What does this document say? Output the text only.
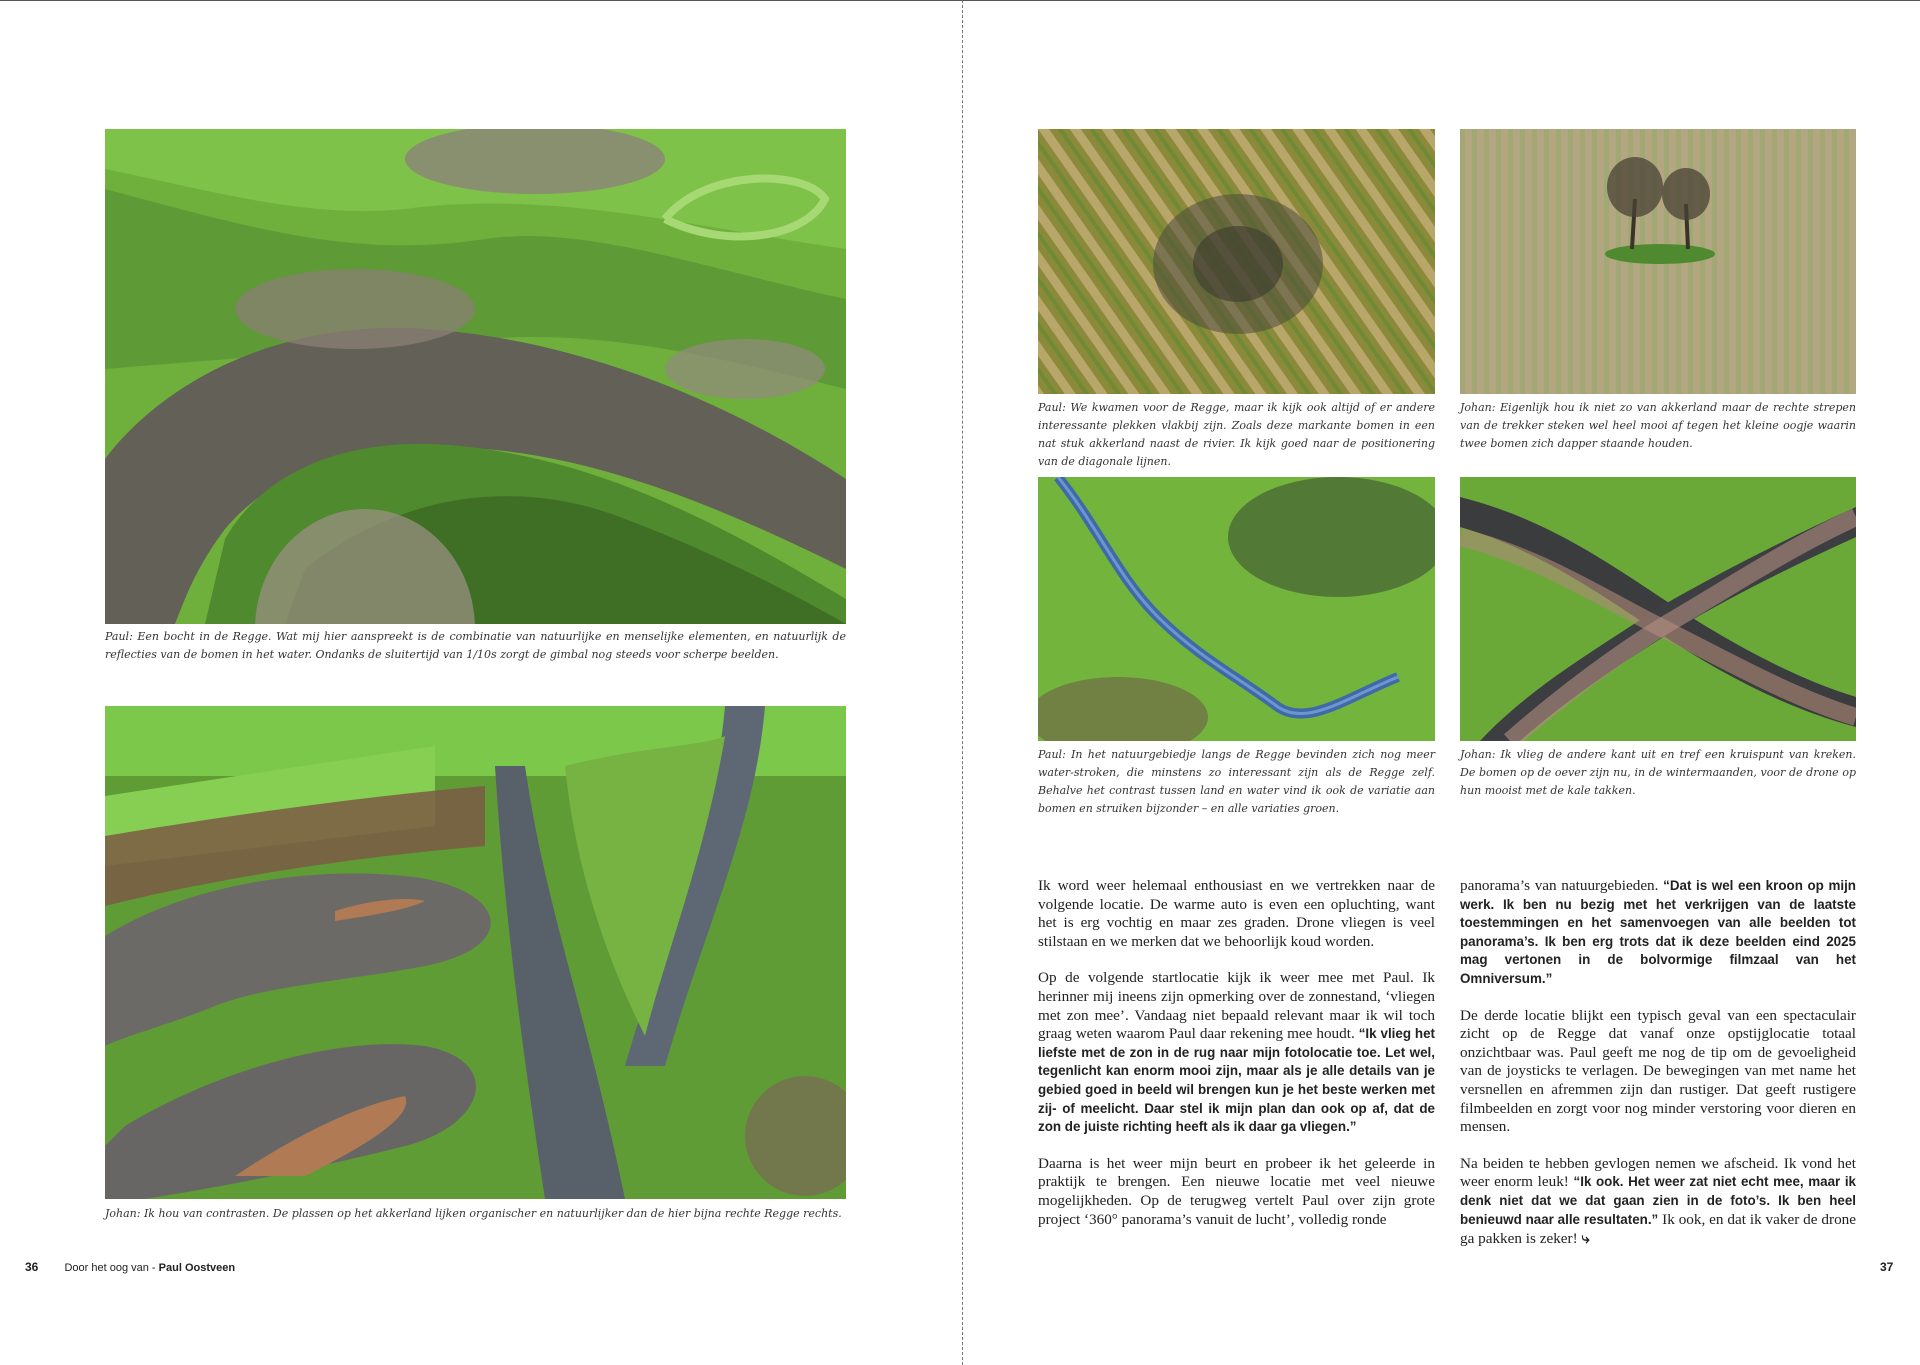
Paul: Een bocht in de Regge. Wat mij hier aanspreekt is de combinatie van natuurlijke en menselijke elementen, en natuurlijk de reflecties van de bomen in het water. Ondanks de sluitertijd van 1/10s zorgt de gimbal nog steeds voor scherpe beelden.

Johan: Ik hou van contrasten. De plassen op het akkerland lijken organischer en natuurlijker dan de hier bijna rechte Regge rechts.

Paul: We kwamen voor de Regge, maar ik kijk ook altijd of er andere interessante plekken vlakbij zijn. Zoals deze markante bomen in een nat stuk akkerland naast de rivier. Ik kijk goed naar de positionering van de diagonale lijnen.

Johan: Eigenlijk hou ik niet zo van akkerland maar de rechte strepen van de trekker steken wel heel mooi af tegen het kleine oogje waarin twee bomen zich dapper staande houden.

Paul: In het natuurgebiedje langs de Regge bevinden zich nog meer water-stroken, die minstens zo interessant zijn als de Regge zelf. Behalve het contrast tussen land en water vind ik ook de variatie aan bomen en struiken bijzonder – en alle variaties groen.

Johan: Ik vlieg de andere kant uit en tref een kruispunt van kreken. De bomen op de oever zijn nu, in de wintermaanden, voor de drone op hun mooist met de kale takken.

Ik word weer helemaal enthousiast en we vertrekken naar de volgende locatie. De warme auto is even een opluchting, want het is erg vochtig en maar zes graden. Drone vliegen is veel stilstaan en we merken dat we behoorlijk koud worden.

Op de volgende startlocatie kijk ik weer mee met Paul. Ik herinner mij ineens zijn opmerking over de zonnestand, ‘vliegen met zon mee’. Vandaag niet bepaald relevant maar ik wil toch graag weten waarom Paul daar rekening mee houdt. “Ik vlieg het liefste met de zon in de rug naar mijn fotolocatie toe. Let wel, tegenlicht kan enorm mooi zijn, maar als je alle details van je gebied goed in beeld wil brengen kun je het beste werken met zij- of meelicht. Daar stel ik mijn plan dan ook op af, dat de zon de juiste richting heeft als ik daar ga vliegen.”

Daarna is het weer mijn beurt en probeer ik het geleerde in praktijk te brengen. Een nieuwe locatie met veel nieuwe mogelijkheden. Op de terugweg vertelt Paul over zijn grote project ‘360° panorama’s vanuit de lucht’, volledig ronde

panorama’s van natuurgebieden. “Dat is wel een kroon op mijn werk. Ik ben nu bezig met het verkrijgen van de laatste toestemmingen en het samenvoegen van alle beelden tot panorama’s. Ik ben erg trots dat ik deze beelden eind 2025 mag vertonen in de bolvormige filmzaal van het Omniversum.”

De derde locatie blijkt een typisch geval van een spectaculair zicht op de Regge dat vanaf onze opstijglocatie totaal onzichtbaar was. Paul geeft me nog de tip om de gevoeligheid van de joysticks te verlagen. De bewegingen van met name het versnellen en afremmen zijn dan rustiger. Dat geeft rustigere filmbeelden en zorgt voor nog minder verstoring voor dieren en mensen.

Na beiden te hebben gevlogen nemen we afscheid. Ik vond het weer enorm leuk! “Ik ook. Het weer zat niet echt mee, maar ik denk niet dat we dat gaan zien in de foto’s. Ik ben heel benieuwd naar alle resultaten.” Ik ook, en dat ik vaker de drone ga pakken is zeker! ⤷

36 Door het oog van - Paul Oostveen	37
